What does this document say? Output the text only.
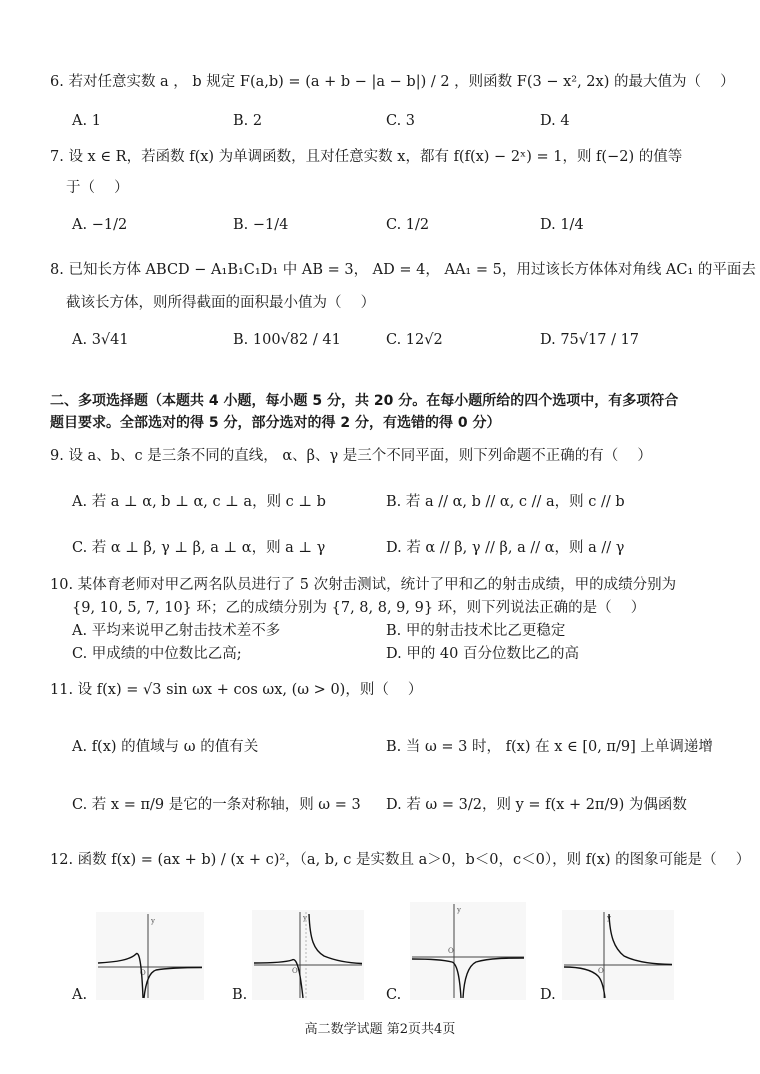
6. 若对任意实数 a ， b 规定 F(a,b) = (a + b − |a − b|) / 2 ，则函数 F(3 − x², 2x) 的最大值为（　 ）
A. 1	B. 2	C. 3	D. 4
7. 设 x ∈ R，若函数 f(x) 为单调函数，且对任意实数 x，都有 f(f(x) − 2ˣ) = 1，则 f(−2) 的值等
于（　 ）
A. −1/2	B. −1/4	C. 1/2	D. 1/4
8. 已知长方体 ABCD − A₁B₁C₁D₁ 中 AB = 3， AD = 4， AA₁ = 5，用过该长方体体对角线 AC₁ 的平面去
截该长方体，则所得截面的面积最小值为（　 ）
A. 3√41	B. 100√82 / 41	C. 12√2	D. 75√17 / 17
二、多项选择题（本题共 4 小题，每小题 5 分，共 20 分。在每小题所给的四个选项中，有多项符合
题目要求。全部选对的得 5 分，部分选对的得 2 分，有选错的得 0 分）
9. 设 a、b、c 是三条不同的直线， α、β、γ 是三个不同平面，则下列命题不正确的有（　 ）
A. 若 a ⊥ α, b ⊥ α, c ⊥ a，则 c ⊥ b	B. 若 a // α, b // α, c // a，则 c // b
C. 若 α ⊥ β, γ ⊥ β, a ⊥ α，则 a ⊥ γ	D. 若 α // β, γ // β, a // α，则 a // γ
10. 某体育老师对甲乙两名队员进行了 5 次射击测试，统计了甲和乙的射击成绩，甲的成绩分别为
{9, 10, 5, 7, 10} 环；乙的成绩分别为 {7, 8, 8, 9, 9} 环，则下列说法正确的是（　 ）
A. 平均来说甲乙射击技术差不多	B. 甲的射击技术比乙更稳定
C. 甲成绩的中位数比乙高;	D. 甲的 40 百分位数比乙的高
11. 设 f(x) = √3 sin ωx + cos ωx, (ω > 0)，则（　 ）
A. f(x) 的值域与 ω 的值有关	B. 当 ω = 3 时， f(x) 在 x ∈ [0, π/9] 上单调递增
C. 若 x = π/9 是它的一条对称轴，则 ω = 3 D. 若 ω = 3/2，则 y = f(x + 2π/9) 为偶函数
12. 函数 f(x) = (ax + b) / (x + c)²，（a, b, c 是实数且 a＞0，b＜0，c＜0），则 f(x) 的图象可能是（　 ）
y
O
A.
y
O
B.
y
O
C.
y
O
D.
高二数学试题 第2页共4页
